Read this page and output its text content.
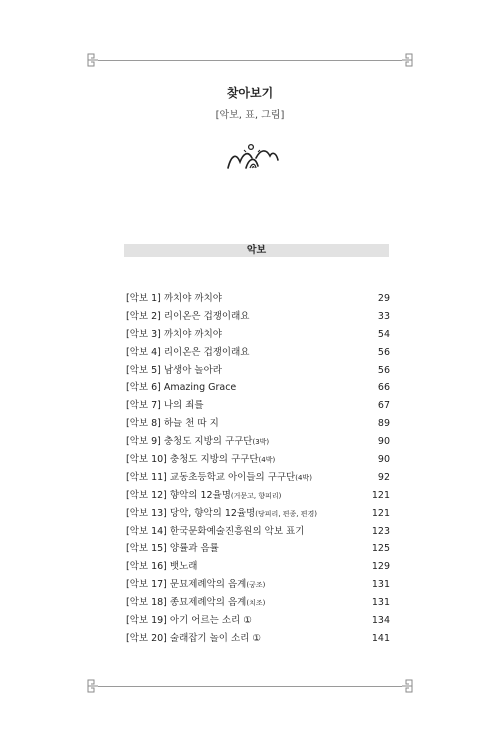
찾아보기
[악보, 표, 그림]
악보
[악보 1] 까치야 까치야	29
[악보 2] 리이온은 겁쟁이래요	33
[악보 3] 까치야 까치야	54
[악보 4] 리이온은 겁쟁이래요	56
[악보 5] 남생아 놀아라	56
[악보 6] Amazing Grace	66
[악보 7] 나의 죄를	67
[악보 8] 하늘 천 따 지	89
[악보 9] 충청도 지방의 구구단(3박)	90
[악보 10] 충청도 지방의 구구단(4박)	90
[악보 11] 교동초등학교 아이들의 구구단(4박)	92
[악보 12] 향악의 12율명(거문고, 향피리)	121
[악보 13] 당악, 향악의 12율명(당피리, 편종, 편경)	121
[악보 14] 한국문화예술진흥원의 악보 표기	123
[악보 15] 양률과 음률	125
[악보 16] 뱃노래	129
[악보 17] 문묘제례악의 음계(궁조)	131
[악보 18] 종묘제례악의 음계(치조)	131
[악보 19] 아기 어르는 소리 ①	134
[악보 20] 술래잡기 놀이 소리 ①	141
